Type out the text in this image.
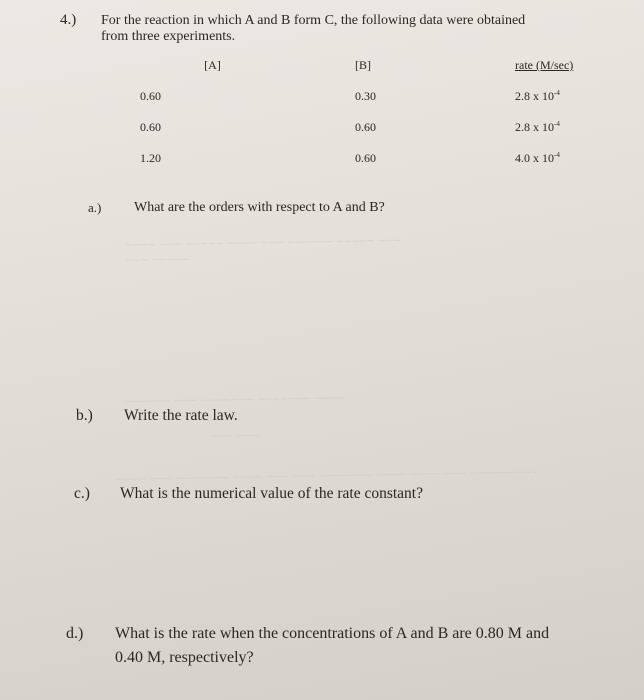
~~~~ ~~~ ~~~~~ ~~~~ ~~~ ~~~~~~ ~~~~~ ~~~
~~~ ~~~~~
~~~~~~ ~~~ ~~~~~~~ ~~~~~~~ ~~~~
~~~ ~~~
~~~~ ~~~ ~~~~~~~ ~~~~ ~~~ ~~~ ~~~~~~~ ~~~~ ~~~~ ~~~ ~~~~~~~~~
4.) For the reaction in which A and B form C, the following data were obtained
from three experiments.
[A]	[B]	rate (M/sec)
0.60	0.30	2.8 x $10^{-4}$
0.60	0.60	2.8 x $10^{-4}$
1.20	0.60	4.0 x $10^{-4}$
a.) What are the orders with respect to A and B?
b.) Write the rate law.
c.) What is the numerical value of the rate constant?
d.) What is the rate when the concentrations of A and B are 0.80 M and
0.40 M, respectively?
